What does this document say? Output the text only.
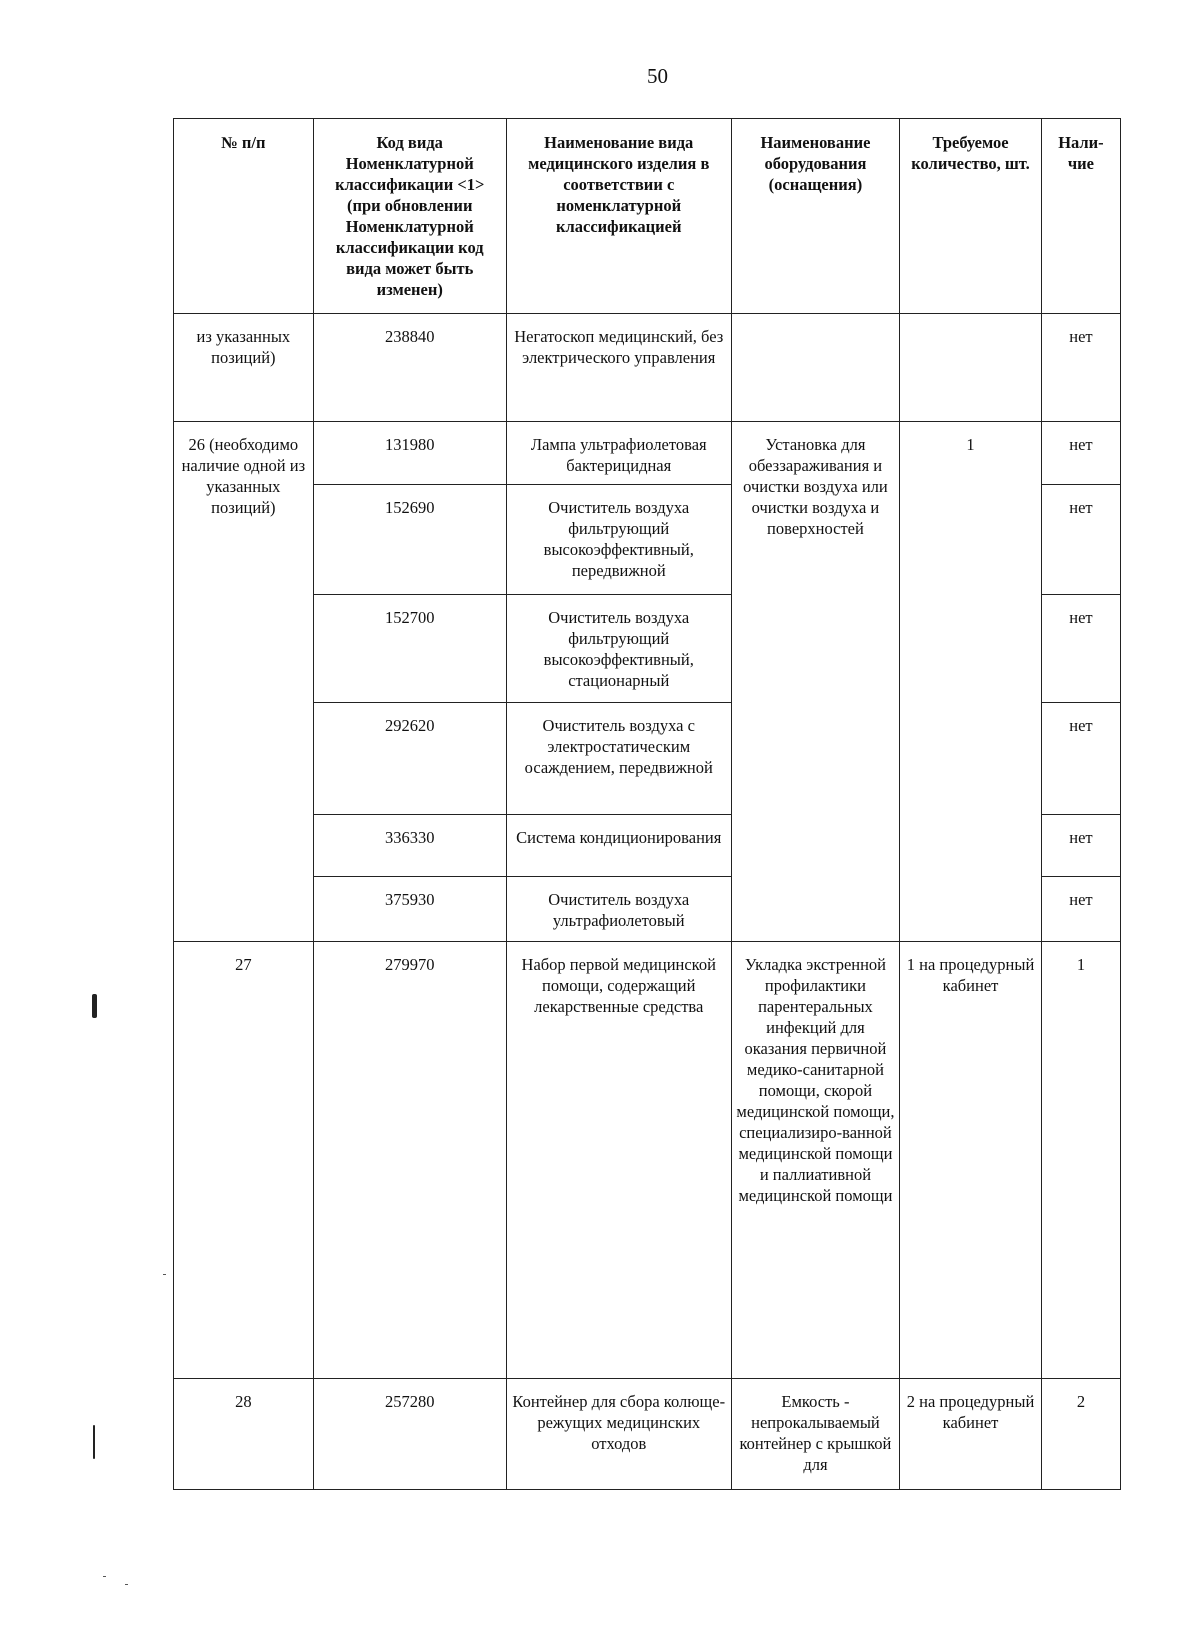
50
№ п/п	Код вида Номенклатурной классификации <1> (при обновлении Номенклатурной классификации код вида может быть изменен)	Наименование вида медицинского изделия в соответствии с номенклатурной классификацией	Наименование оборудования (оснащения)	Требуемое количество, шт.	Нали-чие
из указанных позиций)	238840	Негатоскоп медицинский, без электрического управления			нет
26 (необходимо наличие одной из указанных позиций)	131980	Лампа ультрафиолетовая бактерицидная	Установка для обеззараживания и очистки воздуха или очистки воздуха и поверхностей	1	нет
	152690	Очиститель воздуха фильтрующий высокоэффективный, передвижной			нет
	152700	Очиститель воздуха фильтрующий высокоэффективный, стационарный			нет
	292620	Очиститель воздуха с электростатическим осаждением, передвижной			нет
	336330	Система кондиционирования			нет
	375930	Очиститель воздуха ультрафиолетовый			нет
27	279970	Набор первой медицинской помощи, содержащий лекарственные средства	Укладка экстренной профилактики парентеральных инфекций для оказания первичной медико-санитарной помощи, скорой медицинской помощи, специализиро-ванной медицинской помощи и паллиативной медицинской помощи	1 на процедурный кабинет	1
28	257280	Контейнер для сбора колюще-режущих медицинских отходов	Емкость - непрокалываемый контейнер с крышкой для	2 на процедурный кабинет	2
